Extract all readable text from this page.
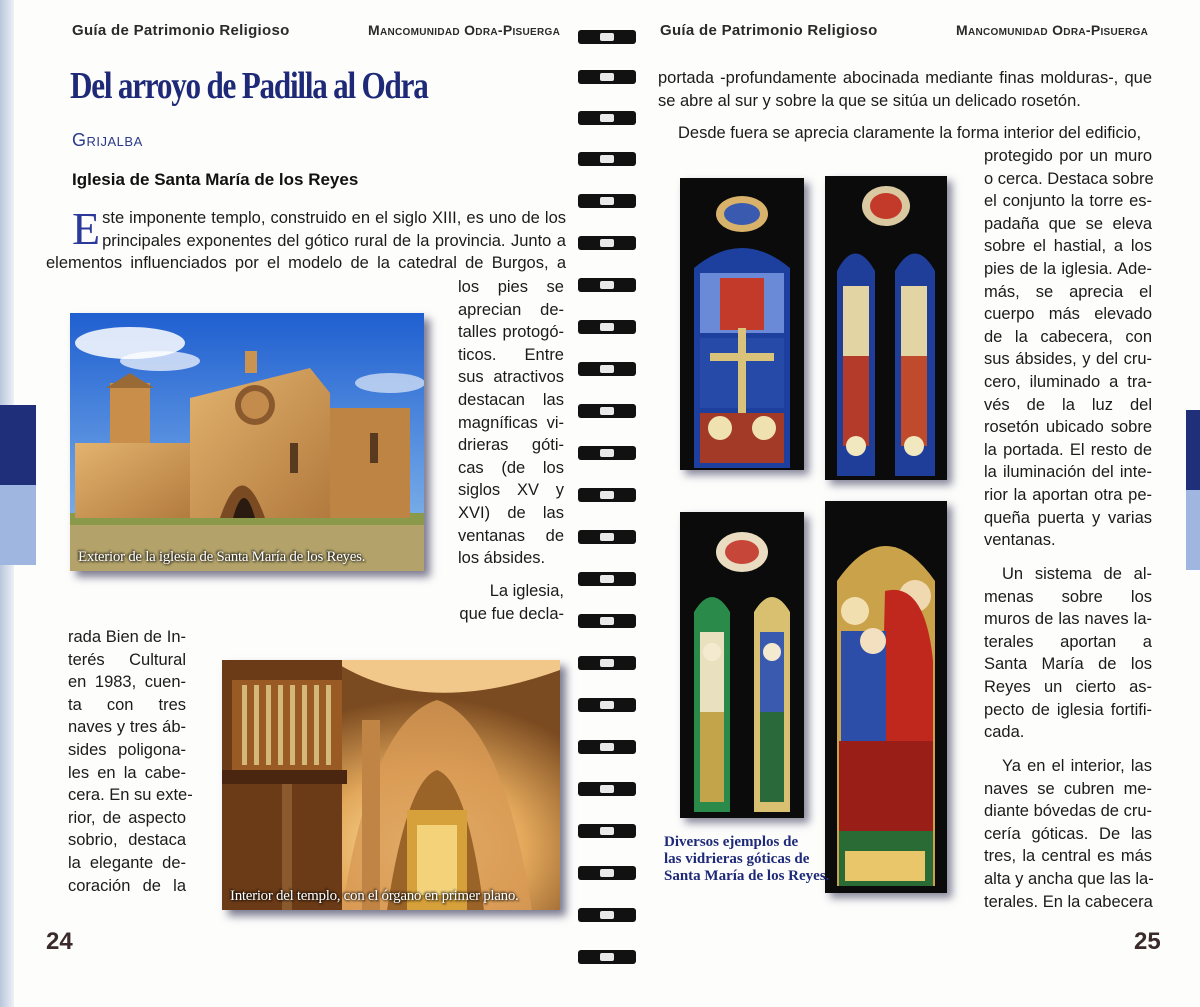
Guía de Patrimonio Religioso	Mancomunidad Odra-Pisuerga
Del arroyo de Padilla al Odra
Grijalba
Iglesia de Santa María de los Reyes
E ste imponente templo, construido en el siglo XIII, es uno de los
principales exponentes del gótico rural de la provincia. Junto a
elementos influenciados por el modelo de la catedral de Burgos, a
los pies se
aprecian de-
talles protogó-
ticos. Entre
sus atractivos
destacan las
magníficas vi-
drieras góti-
cas (de los
siglos XV y
XVI) de las
ventanas de
los ábsides.
La iglesia,
que fue decla-
rada Bien de In-
terés Cultural
en 1983, cuen-
ta con tres
naves y tres áb-
sides poligona-
les en la cabe-
cera. En su exte-
rior, de aspecto
sobrio, destaca
la elegante de-
coración de la
Exterior de la iglesia de Santa María de los Reyes.
Interior del templo, con el órgano en primer plano.
24
Guía de Patrimonio Religioso	Mancomunidad Odra-Pisuerga
portada -profundamente abocinada mediante finas molduras-, que
se abre al sur y sobre la que se sitúa un delicado rosetón.
Desde fuera se aprecia claramente la forma interior del edificio,
protegido por un muro
o cerca. Destaca sobre
el conjunto la torre es-
padaña que se eleva
sobre el hastial, a los
pies de la iglesia. Ade-
más, se aprecia el
cuerpo más elevado
de la cabecera, con
sus ábsides, y del cru-
cero, iluminado a tra-
vés de la luz del
rosetón ubicado sobre
la portada. El resto de
la iluminación del inte-
rior la aportan otra pe-
queña puerta y varias
ventanas.
Un sistema de al-
menas sobre los
muros de las naves la-
terales aportan a
Santa María de los
Reyes un cierto as-
pecto de iglesia fortifi-
cada.
Ya en el interior, las
naves se cubren me-
diante bóvedas de cru-
cería góticas. De las
tres, la central es más
alta y ancha que las la-
terales. En la cabecera
Diversos ejemplos de
las vidrieras góticas de
Santa María de los Reyes.
25
